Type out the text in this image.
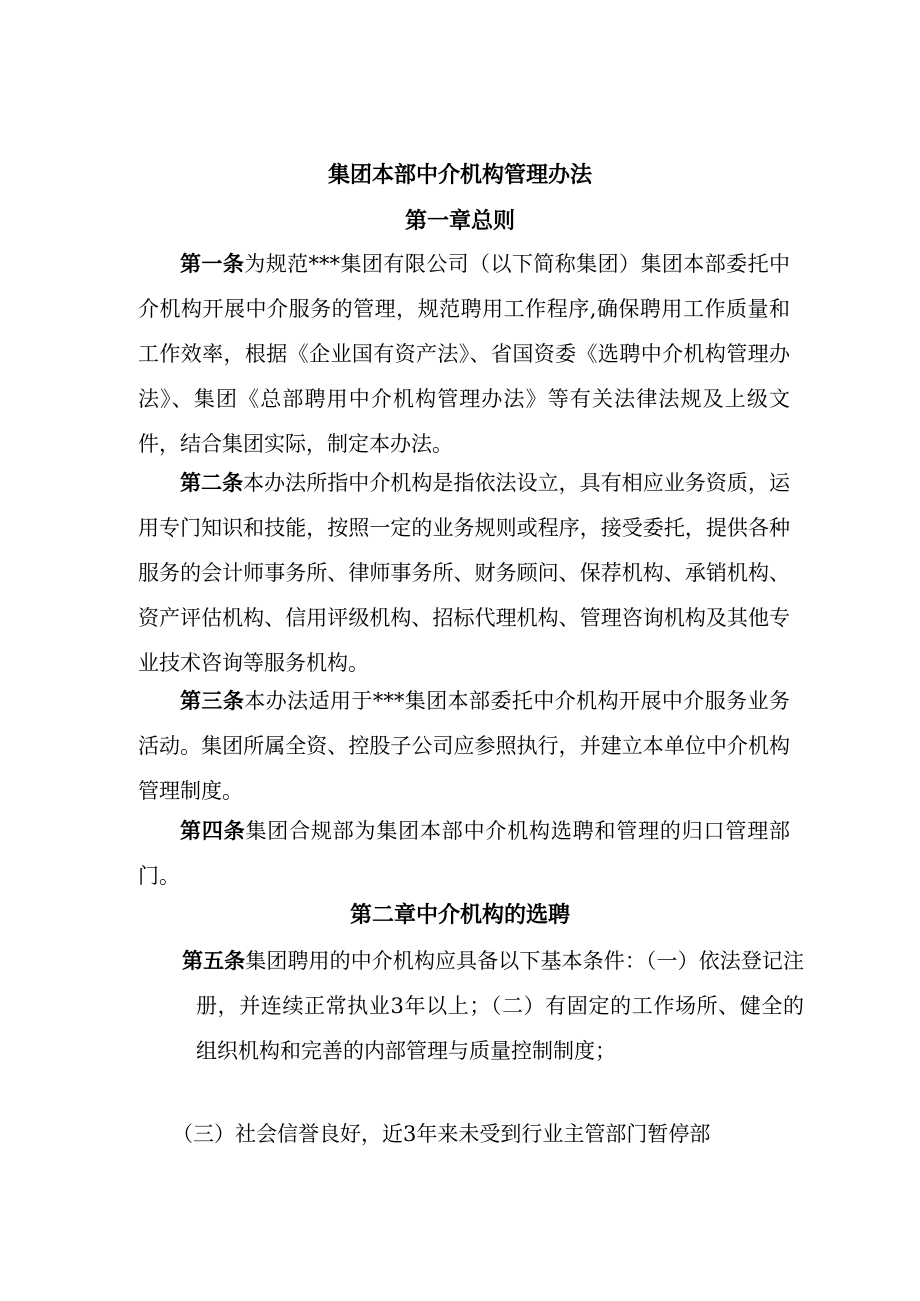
集团本部中介机构管理办法
第一章总则

第一条为规范***集团有限公司（以下简称集团）集团本部委托中介机构开展中介服务的管理，规范聘用工作程序,确保聘用工作质量和工作效率，根据《企业国有资产法》、省国资委《选聘中介机构管理办法》、集团《总部聘用中介机构管理办法》等有关法律法规及上级文件，结合集团实际，制定本办法。

第二条本办法所指中介机构是指依法设立，具有相应业务资质，运用专门知识和技能，按照一定的业务规则或程序，接受委托，提供各种服务的会计师事务所、律师事务所、财务顾问、保荐机构、承销机构、资产评估机构、信用评级机构、招标代理机构、管理咨询机构及其他专业技术咨询等服务机构。

第三条本办法适用于***集团本部委托中介机构开展中介服务业务活动。集团所属全资、控股子公司应参照执行，并建立本单位中介机构管理制度。

第四条集团合规部为集团本部中介机构选聘和管理的归口管理部门。

第二章中介机构的选聘

第五条集团聘用的中介机构应具备以下基本条件：（一）依法登记注册，并连续正常执业3年以上；（二）有固定的工作场所、健全的组织机构和完善的内部管理与质量控制制度；

（三）社会信誉良好，近3年来未受到行业主管部门暂停部
